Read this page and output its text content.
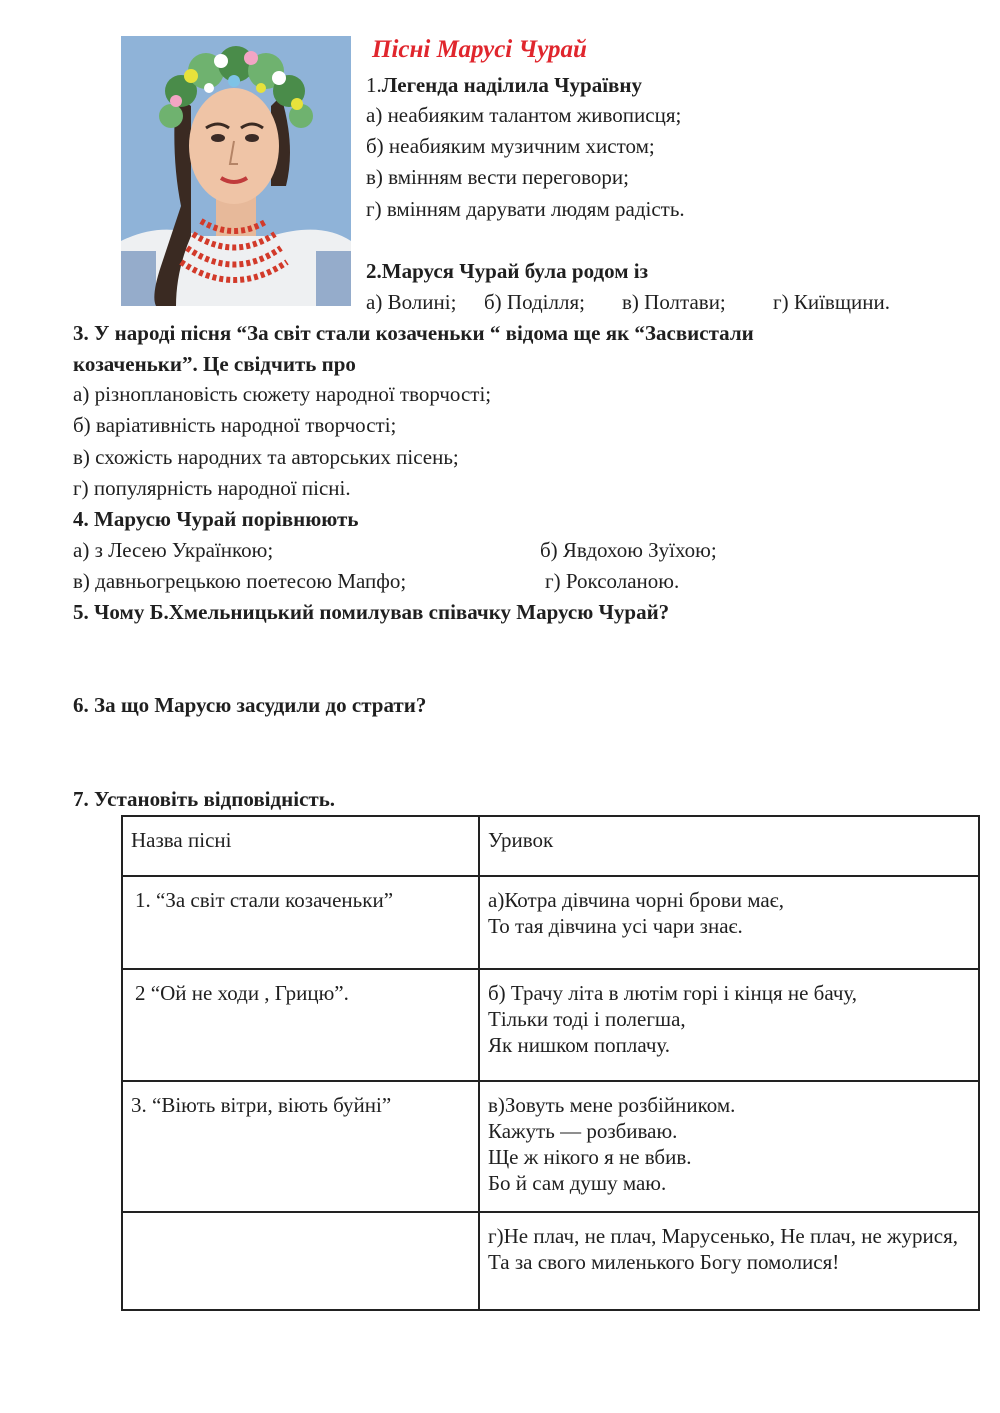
Пісні Марусі Чурай
1.Легенда наділила Чураївну
а) неабияким талантом живописця;
б) неабияким музичним хистом;
в) вмінням вести переговори;
г) вмінням дарувати людям радість.
2.Маруся Чурай була родом із
а) Волині; б) Поділля; в) Полтави; г) Київщини.
3. У народі пісня “За світ стали козаченьки “ відома ще як “Засвистали
козаченьки”. Це свідчить про
а) різноплановість сюжету народної творчості;
б) варіативність народної творчості;
в) схожість народних та авторських пісень;
г) популярність народної пісні.
4. Марусю Чурай порівнюють
а) з Лесею Українкою;	б) Явдохою Зуїхою;
в) давньогрецькою поетесою Мапфо;	г) Роксоланою.
5. Чому Б.Хмельницький помилував співачку Марусю Чурай?
6. За що Марусю засудили до страти?
7. Установіть відповідність.
Назва пісні	Уривок
1. “За світ стали козаченьки”	а)Котра дівчина чорні брови має,
То тая дівчина усі чари знає.

2 “Ой не ходи , Грицю”.	б) Трачу літа в лютім горі і кінця не бачу,
Тільки тоді і полегша,
Як нишком поплачу.

3. “Віють вітри, віють буйні”	в)Зовуть мене розбійником.
Кажуть — розбиваю.
Ще ж нікого я не вбив.
Бо й сам душу маю.

	г)Не плач, не плач, Марусенько, Не плач, не журися,
Та за свого миленького Богу помолися!
